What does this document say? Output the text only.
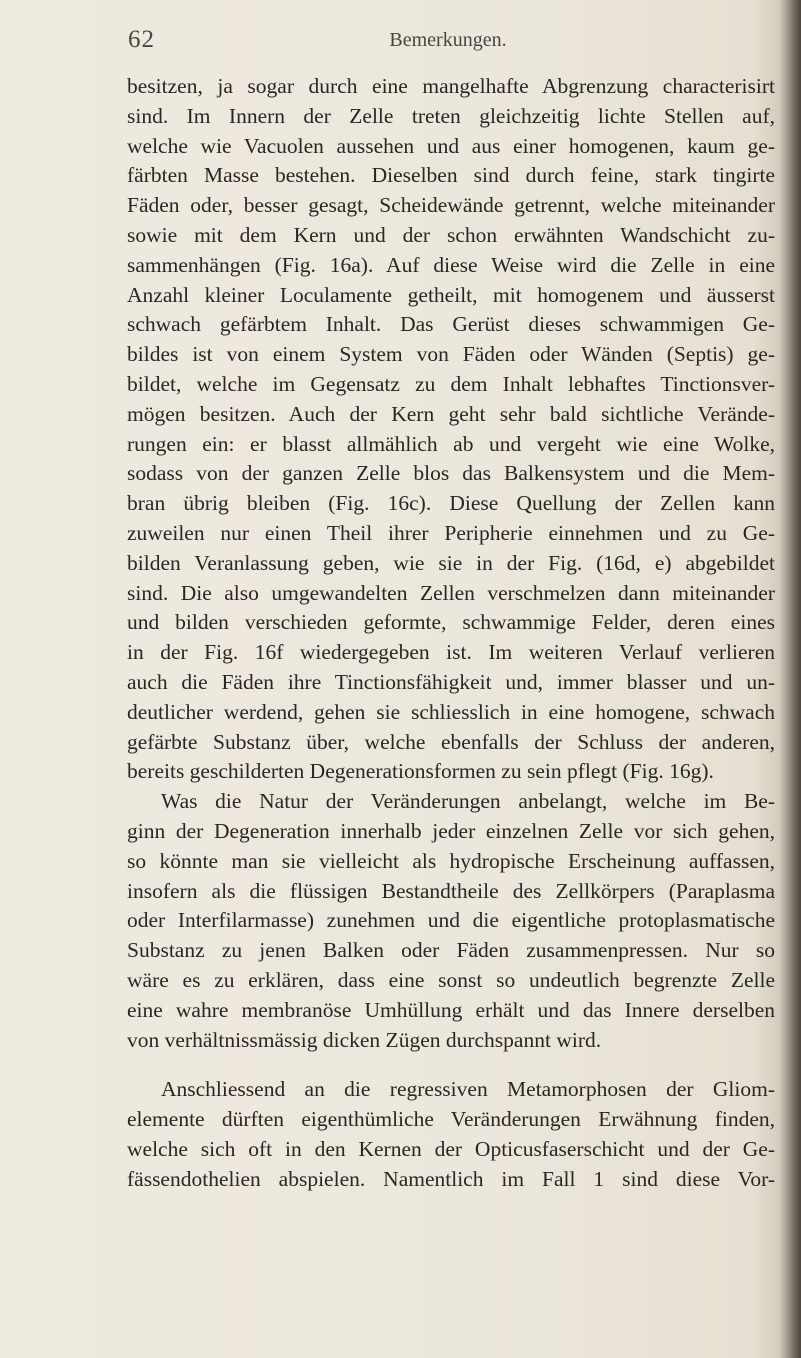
62	Bemerkungen.
besitzen, ja sogar durch eine mangelhafte Abgrenzung characterisirt
sind. Im Innern der Zelle treten gleichzeitig lichte Stellen auf,
welche wie Vacuolen aussehen und aus einer homogenen, kaum ge-
färbten Masse bestehen. Dieselben sind durch feine, stark tingirte
Fäden oder, besser gesagt, Scheidewände getrennt, welche miteinander
sowie mit dem Kern und der schon erwähnten Wandschicht zu-
sammenhängen (Fig. 16a). Auf diese Weise wird die Zelle in eine
Anzahl kleiner Loculamente getheilt, mit homogenem und äusserst
schwach gefärbtem Inhalt. Das Gerüst dieses schwammigen Ge-
bildes ist von einem System von Fäden oder Wänden (Septis) ge-
bildet, welche im Gegensatz zu dem Inhalt lebhaftes Tinctionsver-
mögen besitzen. Auch der Kern geht sehr bald sichtliche Verände-
rungen ein: er blasst allmählich ab und vergeht wie eine Wolke,
sodass von der ganzen Zelle blos das Balkensystem und die Mem-
bran übrig bleiben (Fig. 16c). Diese Quellung der Zellen kann
zuweilen nur einen Theil ihrer Peripherie einnehmen und zu Ge-
bilden Veranlassung geben, wie sie in der Fig. (16d, e) abgebildet
sind. Die also umgewandelten Zellen verschmelzen dann miteinander
und bilden verschieden geformte, schwammige Felder, deren eines
in der Fig. 16f wiedergegeben ist. Im weiteren Verlauf verlieren
auch die Fäden ihre Tinctionsfähigkeit und, immer blasser und un-
deutlicher werdend, gehen sie schliesslich in eine homogene, schwach
gefärbte Substanz über, welche ebenfalls der Schluss der anderen,
bereits geschilderten Degenerationsformen zu sein pflegt (Fig. 16g).
Was die Natur der Veränderungen anbelangt, welche im Be-
ginn der Degeneration innerhalb jeder einzelnen Zelle vor sich gehen,
so könnte man sie vielleicht als hydropische Erscheinung auffassen,
insofern als die flüssigen Bestandtheile des Zellkörpers (Paraplasma
oder Interfilarmasse) zunehmen und die eigentliche protoplasmatische
Substanz zu jenen Balken oder Fäden zusammenpressen. Nur so
wäre es zu erklären, dass eine sonst so undeutlich begrenzte Zelle
eine wahre membranöse Umhüllung erhält und das Innere derselben
von verhältnissmässig dicken Zügen durchspannt wird.
Anschliessend an die regressiven Metamorphosen der Gliom-
elemente dürften eigenthümliche Veränderungen Erwähnung finden,
welche sich oft in den Kernen der Opticusfaserschicht und der Ge-
fässendothelien abspielen. Namentlich im Fall 1 sind diese Vor-
